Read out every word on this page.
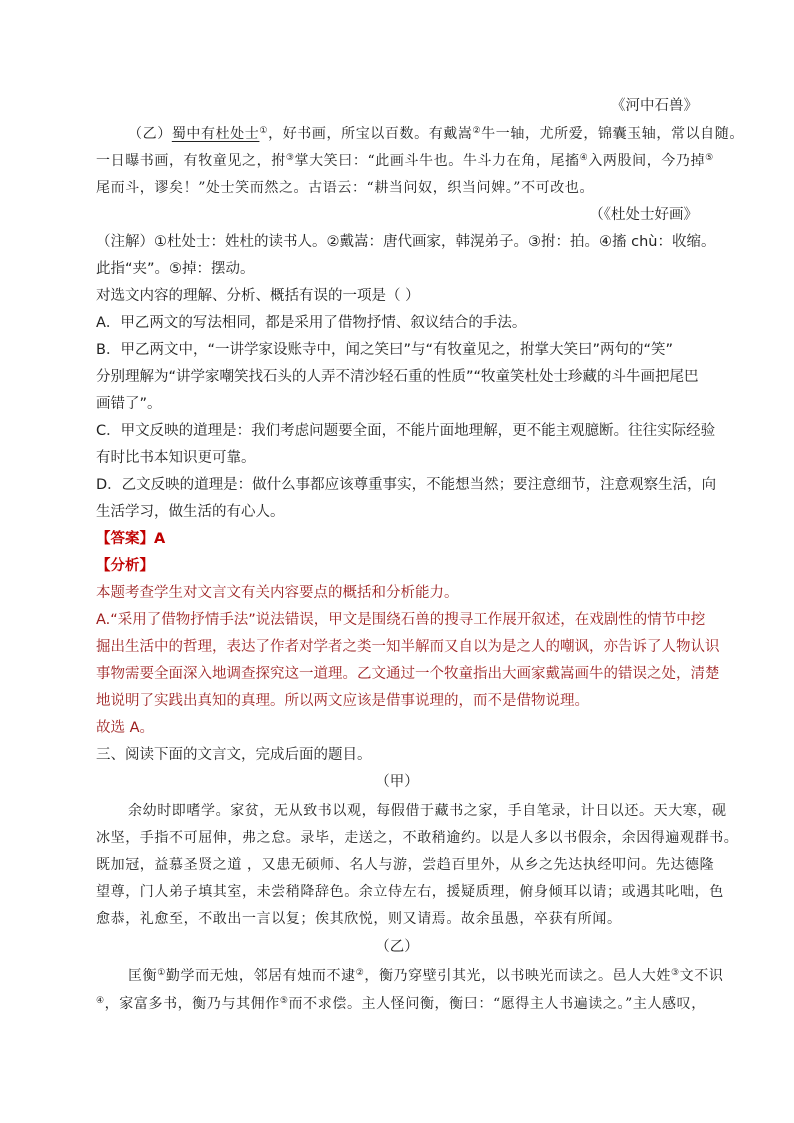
《河中石兽》
（乙）蜀中有杜处士①，好书画，所宝以百数。有戴嵩②牛一轴，尤所爱，锦囊玉轴，常以自随。
一日曝书画，有牧童见之，拊③掌大笑曰：“此画斗牛也。牛斗力在角，尾搐④入两股间，今乃掉⑤
尾而斗，谬矣！”处士笑而然之。古语云：“耕当问奴，织当问婢。”不可改也。
（《杜处士好画》
（注解）①杜处士：姓杜的读书人。②戴嵩：唐代画家，韩滉弟子。③拊：拍。④搐 chù：收缩。
此指“夹”。⑤掉：摆动。
对选文内容的理解、分析、概括有误的一项是（ ）
A．甲乙两文的写法相同，都是采用了借物抒情、叙议结合的手法。
B．甲乙两文中，“一讲学家设账寺中，闻之笑曰”与“有牧童见之，拊掌大笑曰”两句的“笑”
分别理解为“讲学家嘲笑找石头的人弄不清沙轻石重的性质”“牧童笑杜处士珍藏的斗牛画把尾巴
画错了”。
C．甲文反映的道理是：我们考虑问题要全面，不能片面地理解，更不能主观臆断。往往实际经验
有时比书本知识更可靠。
D．乙文反映的道理是：做什么事都应该尊重事实，不能想当然；要注意细节，注意观察生活，向
生活学习，做生活的有心人。
【答案】A
【分析】
本题考查学生对文言文有关内容要点的概括和分析能力。
A.“采用了借物抒情手法”说法错误，甲文是围绕石兽的搜寻工作展开叙述，在戏剧性的情节中挖
掘出生活中的哲理，表达了作者对学者之类一知半解而又自以为是之人的嘲讽，亦告诉了人物认识
事物需要全面深入地调查探究这一道理。乙文通过一个牧童指出大画家戴嵩画牛的错误之处，清楚
地说明了实践出真知的真理。所以两文应该是借事说理的，而不是借物说理。
故选 A。
三、阅读下面的文言文，完成后面的题目。
（甲）
余幼时即嗜学。家贫，无从致书以观，每假借于藏书之家，手自笔录，计日以还。天大寒，砚
冰坚，手指不可屈伸，弗之怠。录毕，走送之，不敢稍逾约。以是人多以书假余，余因得遍观群书。
既加冠，益慕圣贤之道 ，又患无硕师、名人与游，尝趋百里外，从乡之先达执经叩问。先达德隆
望尊，门人弟子填其室，未尝稍降辞色。余立侍左右，援疑质理，俯身倾耳以请；或遇其叱咄，色
愈恭，礼愈至，不敢出一言以复；俟其欣悦，则又请焉。故余虽愚，卒获有所闻。
（乙）
匡衡①勤学而无烛，邻居有烛而不逮②，衡乃穿壁引其光，以书映光而读之。邑人大姓③文不识
④，家富多书，衡乃与其佣作⑤而不求偿。主人怪问衡，衡曰：“愿得主人书遍读之。”主人感叹，
